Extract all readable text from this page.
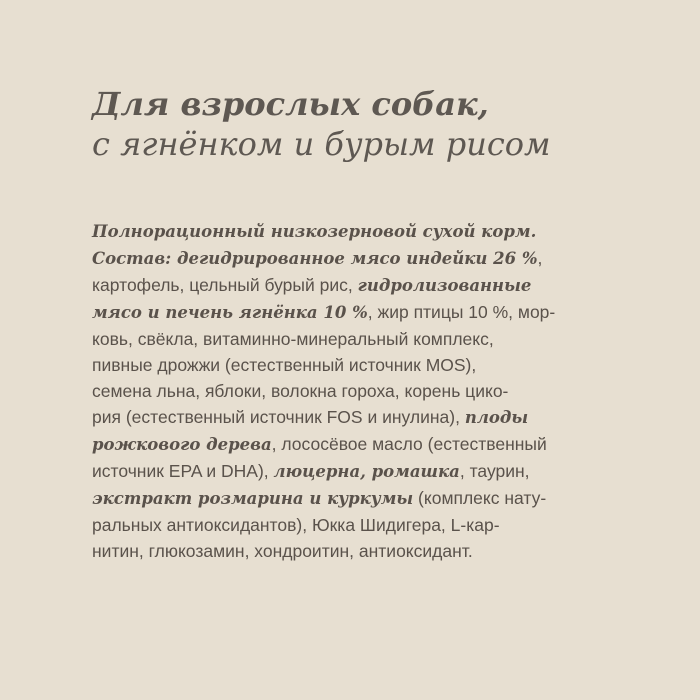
Для взрослых собак,
с ягнёнком и бурым рисом
Полнорационный низкозерновой сухой корм.
Состав: дегидрированное мясо индейки 26 %,
картофель, цельный бурый рис, гидролизованные
мясо и печень ягнёнка 10 %, жир птицы 10 %, мор-
ковь, свёкла, витаминно-минеральный комплекс,
пивные дрожжи (естественный источник MOS),
семена льна, яблоки, волокна гороха, корень цико-
рия (естественный источник FOS и инулина), плоды
рожкового дерева, лососёвое масло (естественный
источник EPA и DHA), люцерна, ромашка, таурин,
экстракт розмарина и куркумы (комплекс нату-
ральных антиоксидантов), Юкка Шидигера, L-кар-
нитин, глюкозамин, хондроитин, антиоксидант.
